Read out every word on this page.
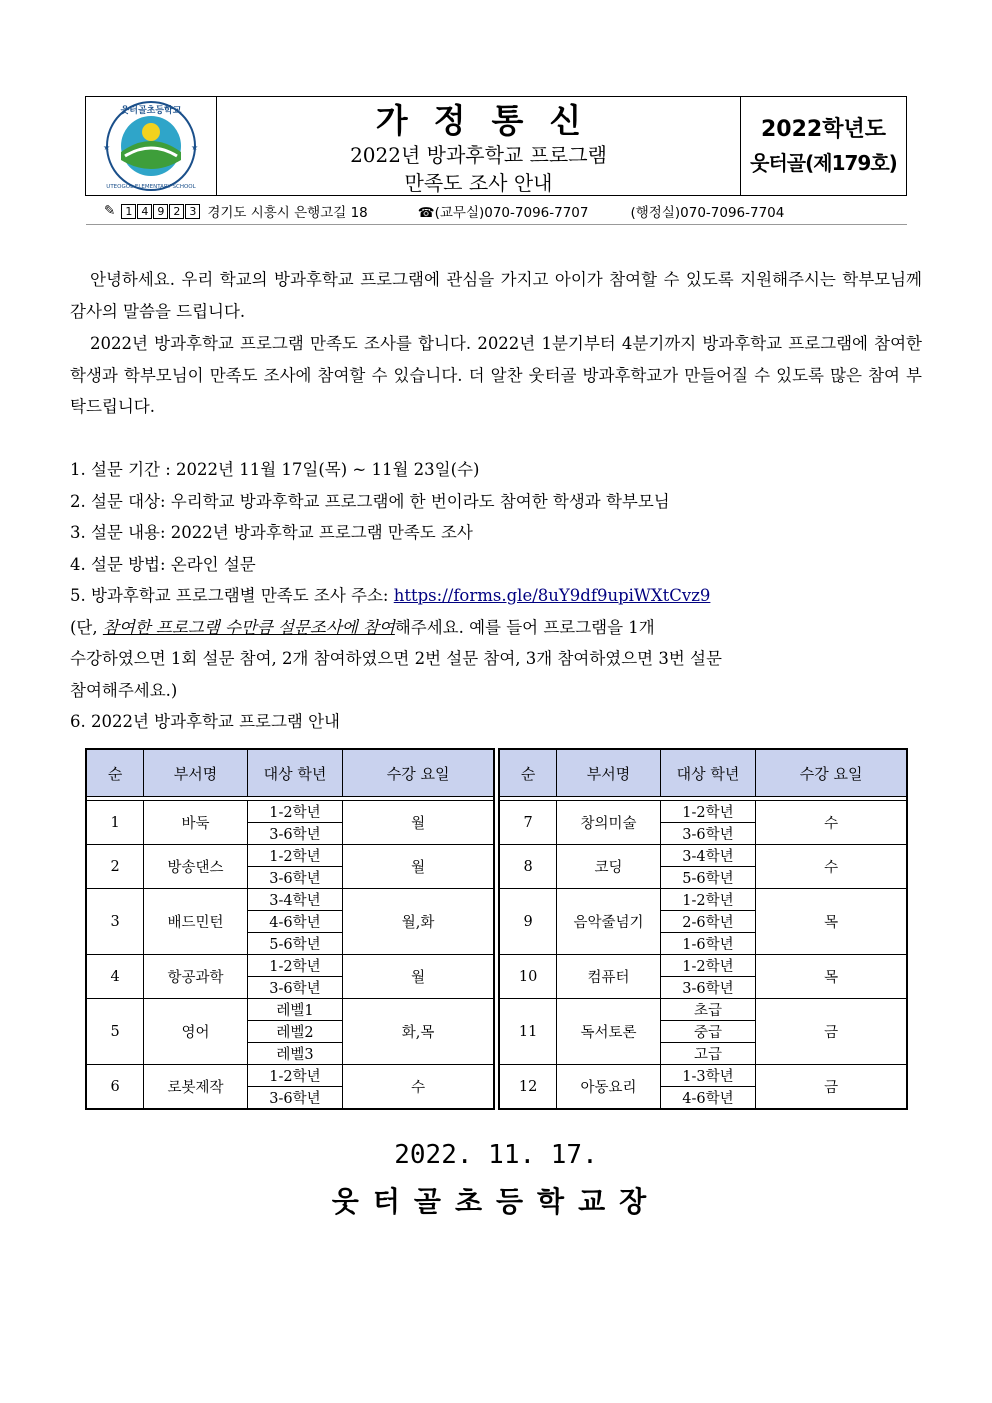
웃터골초등학교
UTEOGOL ELEMENTARY SCHOOL
★	★
가정통신
2022년 방과후학교 프로그램
만족도 조사 안내
2022학년도
웃터골(제179호)
✎ 1 4 9 2 3 경기도 시흥시 은행고길 18	☎(교무실)070-7096-7707	(행정실)070-7096-7704
안녕하세요. 우리 학교의 방과후학교 프로그램에 관심을 가지고 아이가 참여할 수 있도록 지원해주시는 학부모님께 감사의 말씀을 드립니다.
2022년 방과후학교 프로그램 만족도 조사를 합니다. 2022년 1분기부터 4분기까지 방과후학교 프로그램에 참여한 학생과 학부모님이 만족도 조사에 참여할 수 있습니다. 더 알찬 웃터골 방과후학교가 만들어질 수 있도록 많은 참여 부탁드립니다.
1. 설문 기간 : 2022년 11월 17일(목) ~ 11월 23일(수)
2. 설문 대상: 우리학교 방과후학교 프로그램에 한 번이라도 참여한 학생과 학부모님
3. 설문 내용: 2022년 방과후학교 프로그램 만족도 조사
4. 설문 방법: 온라인 설문
5. 방과후학교 프로그램별 만족도 조사 주소: https://forms.gle/8uY9df9upiWXtCvz9
(단, 참여한 프로그램 수만큼 설문조사에 참여해주세요. 예를 들어 프로그램을 1개
수강하였으면 1회 설문 참여, 2개 참여하였으면 2번 설문 참여, 3개 참여하였으면 3번 설문
참여해주세요.)
6. 2022년 방과후학교 프로그램 안내
순	부서명	대상 학년	수강 요일

1	바둑	1-2학년	월
		3-6학년	
2	방송댄스	1-2학년	월
		3-6학년	
3	배드민턴	3-4학년	월,화
		4-6학년	
		5-6학년	
4	항공과학	1-2학년	월
		3-6학년	
5	영어	레벨1	화,목
		레벨2	
		레벨3	
6	로봇제작	1-2학년	수
		3-6학년	
순	부서명	대상 학년	수강 요일

7	창의미술	1-2학년	수
		3-6학년	
8	코딩	3-4학년	수
		5-6학년	
9	음악줄넘기	1-2학년	목
		2-6학년	
		1-6학년	
10	컴퓨터	1-2학년	목
		3-6학년	
11	독서토론	초급	금
		중급	
		고급	
12	아동요리	1-3학년	금
		4-6학년	
2022. 11. 17.
웃터골초등학교장
